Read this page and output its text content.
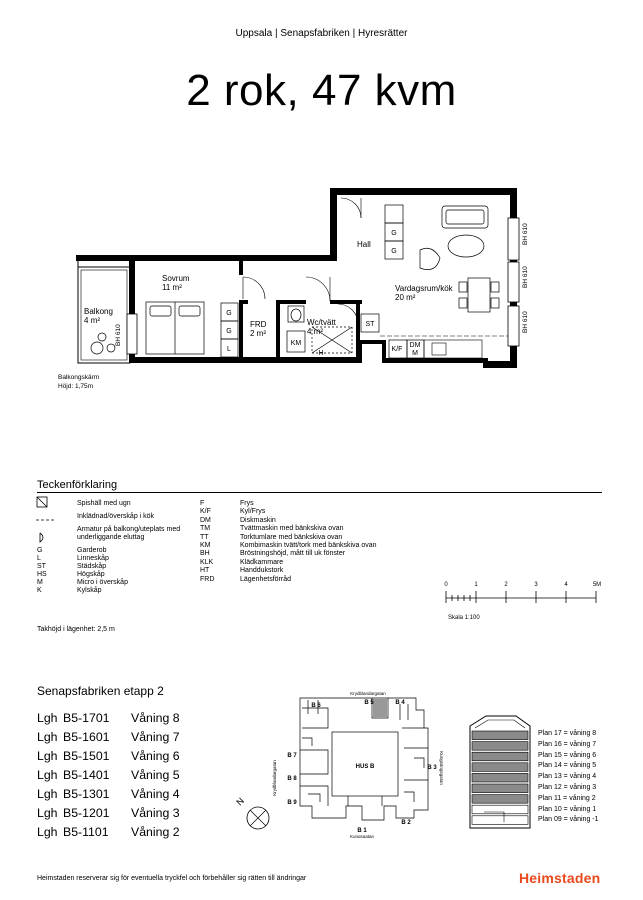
Uppsala | Senapsfabriken | Hyresrätter
2 rok, 47 kvm
Sovrum
11 m²
Balkong
4 m²	FRD
2 m²
Wc/tvätt
4 m²
Vardagsrum/kök
20 m²
Hall
G
G
L
G
G
ST
KM
H
K/F
DM
M
BH 610
BH 610
BH 610
BH 610
Balkongskärm
Höjd: 1,75m
Teckenförklaring
Spishäll med ugn
Inklädnad/överskåp i kök
Armatur på balkong/uteplats med underliggande eluttag
G	Garderob
L	Linneskåp
ST	Städskåp
HS	Högskåp
M	Micro i överskåp
K	Kylskåp
F	Frys
K/F	Kyl/Frys
DM	Diskmaskin
TM	Tvättmaskin med bänkskiva ovan
TT	Torktumlare med bänkskiva ovan
KM	Kombimaskin tvätt/tork med bänkskiva ovan
BH	Bröstningshöjd, mått till uk fönster
KLK	Klädkammare
HT	Handdukstork
FRD	Lägenhetsförråd
Takhöjd i lägenhet: 2,5 m
0	1	2	3	4	5M
Skala 1:100
Senapsfabriken etapp 2
Lgh B5-1701	Våning 8
Lgh B5-1601	Våning 7
Lgh B5-1501	Våning 6
Lgh B5-1401	Våning 5
Lgh B5-1301	Våning 4
Lgh B5-1201	Våning 3
Lgh B5-1101	Våning 2
B 6	B 5	B 4
B 7
B 8
B 9
B 3
B 1
B 2
HUS B
Krydblandargatan
Krydblandargatan	Kungsängsgatan
Kungsgatan
N
Plan 17 = våning 8
Plan 16 = våning 7
Plan 15 = våning 6
Plan 14 = våning 5
Plan 13 = våning 4
Plan 12 = våning 3
Plan 11 = våning 2
Plan 10 = våning 1
Plan 09 = våning -1
Heimstaden reserverar sig för eventuella tryckfel och förbehåller sig rätten till ändringar	Heimstaden
